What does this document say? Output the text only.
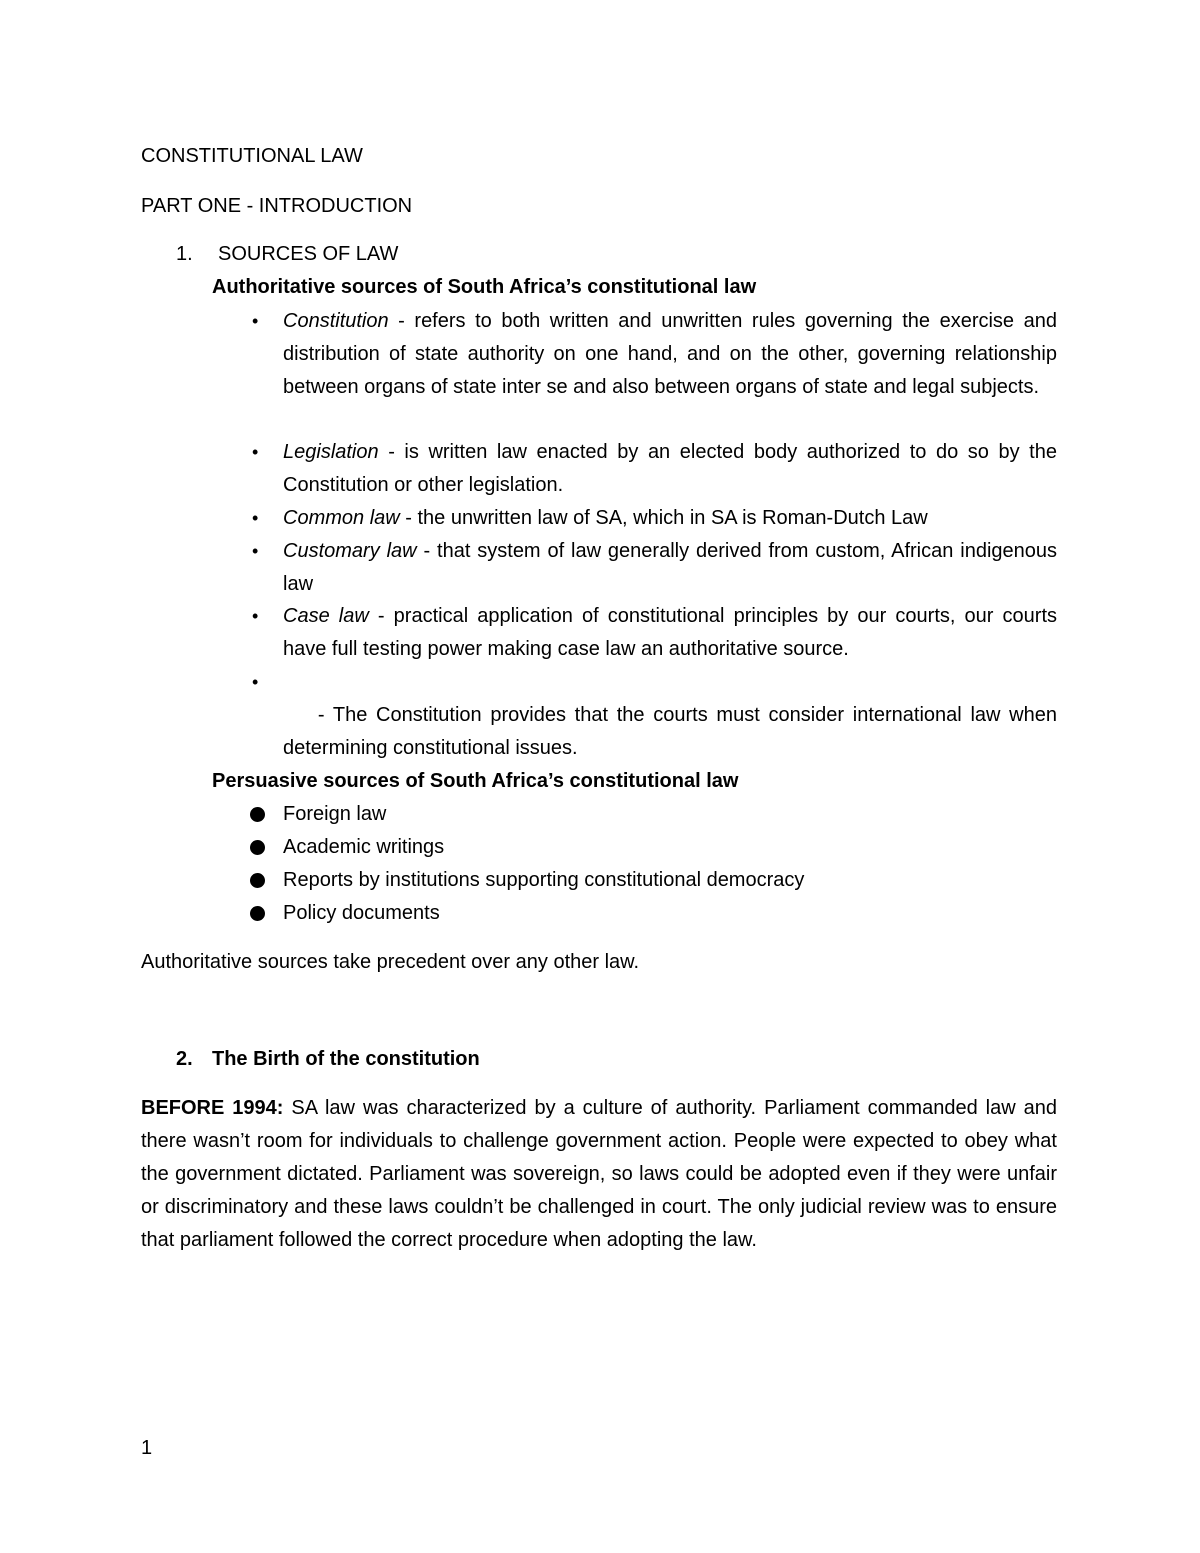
CONSTITUTIONAL LAW
PART ONE - INTRODUCTION
1. SOURCES OF LAW
Authoritative sources of South Africa’s constitutional law
• Constitution - refers to both written and unwritten rules governing the exercise and distribution of state authority on one hand, and on the other, governing relationship between organs of state inter se and also between organs of state and legal subjects.
• Legislation - is written law enacted by an elected body authorized to do so by the Constitution or other legislation.
• Common law - the unwritten law of SA, which in SA is Roman-Dutch Law
• Customary law - that system of law generally derived from custom, African indigenous law
• Case law - practical application of constitutional principles by our courts, our courts have full testing power making case law an authoritative source.
•

- The Constitution provides that the courts must consider international law when determining constitutional issues.

Persuasive sources of South Africa’s constitutional law
Foreign law
Academic writings
Reports by institutions supporting constitutional democracy
Policy documents
Authoritative sources take precedent over any other law.
2. The Birth of the constitution
BEFORE 1994: SA law was characterized by a culture of authority. Parliament commanded law and there wasn’t room for individuals to challenge government action. People were expected to obey what the government dictated. Parliament was sovereign, so laws could be adopted even if they were unfair or discriminatory and these laws couldn’t be challenged in court. The only judicial review was to ensure that parliament followed the correct procedure when adopting the law.
1
